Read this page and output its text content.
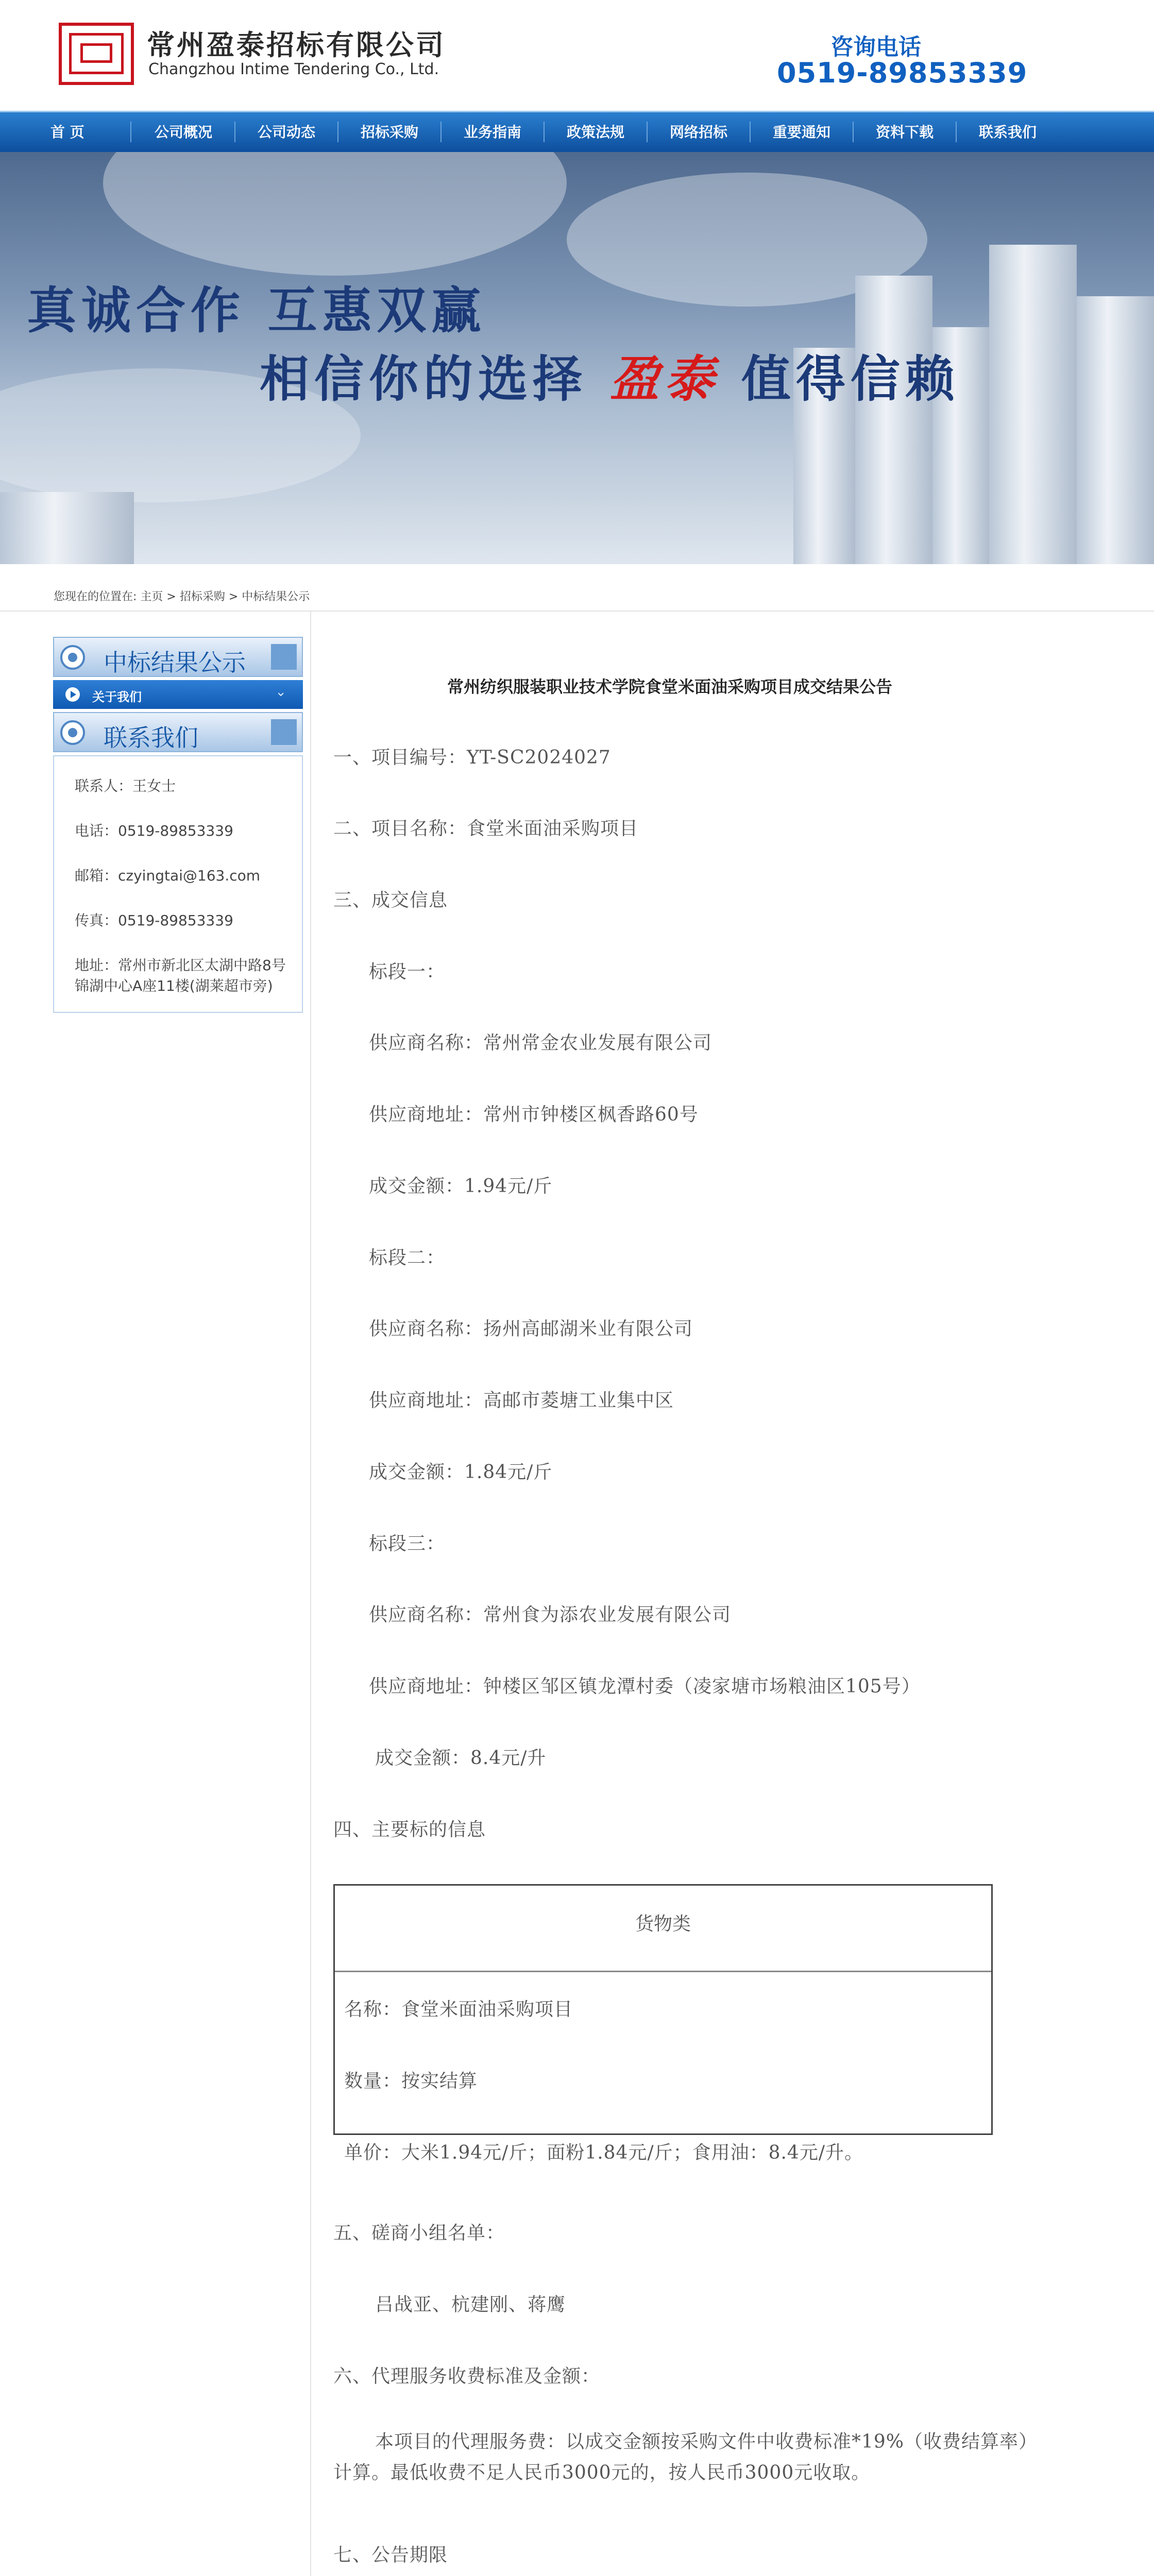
常州盈泰招标有限公司
Changzhou Intime Tendering Co., Ltd.
咨询电话
0519-89853339
首 页	公司概况	公司动态	招标采购	业务指南	政策法规	网络招标	重要通知	资料下载	联系我们
真诚合作 互惠双赢
相信你的选择 盈泰 值得信赖
您现在的位置在: 主页 > 招标采购 > 中标结果公示
中标结果公示
关于我们	⌄
联系我们
联系人：王女士
电话：0519-89853339
邮箱：czyingtai@163.com
传真：0519-89853339
地址：常州市新北区太湖中路8号锦湖中心A座11楼(湖莱超市旁)
常州纺织服装职业技术学院食堂米面油采购项目成交结果公告
一、项目编号：YT-SC2024027
二、项目名称：食堂米面油采购项目
三、成交信息
标段一：
供应商名称：常州常金农业发展有限公司
供应商地址：常州市钟楼区枫香路60号
成交金额：1.94元/斤
标段二：
供应商名称：扬州高邮湖米业有限公司
供应商地址：高邮市菱塘工业集中区
成交金额：1.84元/斤
标段三：
供应商名称：常州食为添农业发展有限公司
供应商地址：钟楼区邹区镇龙潭村委（凌家塘市场粮油区105号）
成交金额：8.4元/升
四、主要标的信息
货物类
名称：食堂米面油采购项目
数量：按实结算
单价：大米1.94元/斤；面粉1.84元/斤；食用油：8.4元/升。
五、磋商小组名单：
吕战亚、杭建刚、蒋鹰
六、代理服务收费标准及金额：
本项目的代理服务费：以成交金额按采购文件中收费标准*19%（收费结算率）计算。最低收费不足人民币3000元的，按人民币3000元收取。
七、公告期限
